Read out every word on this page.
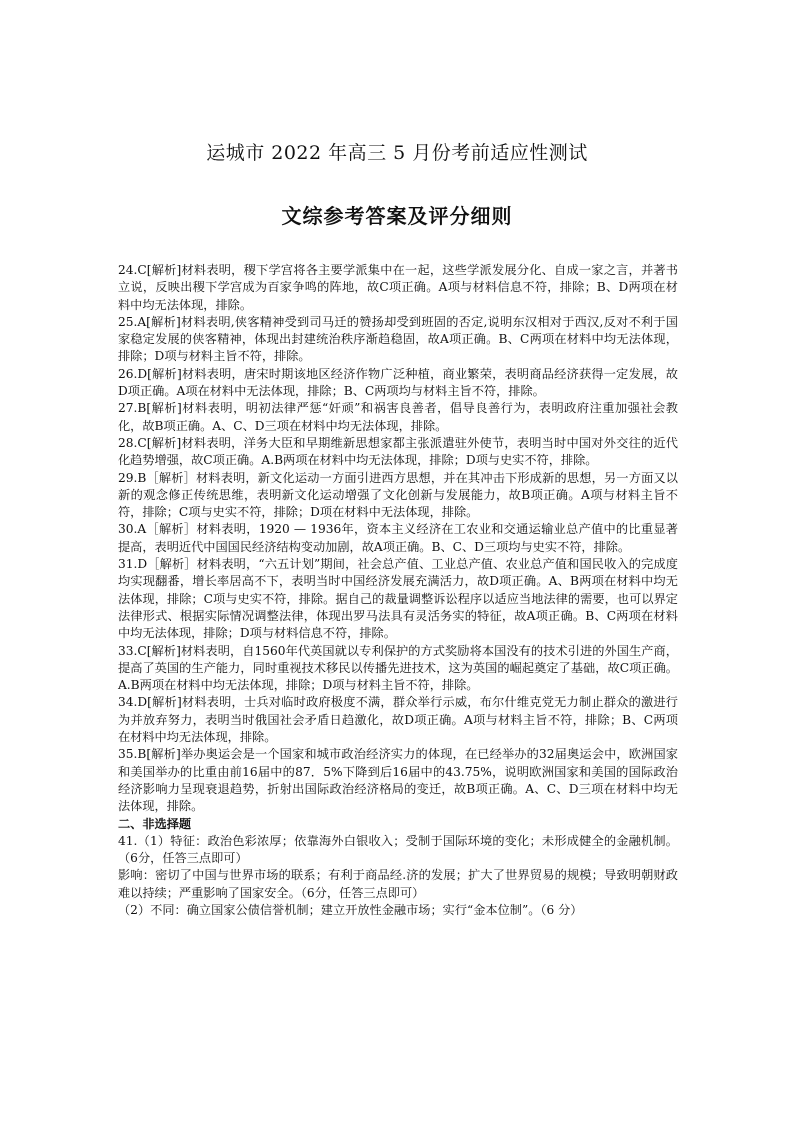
运城市 2022 年高三 5 月份考前适应性测试
文综参考答案及评分细则

24.C[解析]材料表明，稷下学宫将各主要学派集中在一起，这些学派发展分化、自成一家之言，并著书立说，反映出稷下学宫成为百家争鸣的阵地，故C项正确。A项与材料信息不符，排除；B、D两项在材料中均无法体现，排除。

25.A[解析]材料表明,侠客精神受到司马迁的赞扬却受到班固的否定,说明东汉相对于西汉,反对不利于国家稳定发展的侠客精神，体现出封建统治秩序渐趋稳固，故A项正确。B、C两项在材料中均无法体现，排除；D项与材料主旨不符，排除。

26.D[解析]材料表明，唐宋时期该地区经济作物广泛种植，商业繁荣，表明商品经济获得一定发展，故D项正确。A项在材料中无法体现，排除；B、C两项均与材料主旨不符，排除。

27.B[解析]材料表明，明初法律严惩“奸顽”和祸害良善者，倡导良善行为，表明政府注重加强社会教化，故B项正确。A、C、D三项在材料中均无法体现，排除。

28.C[解析]材料表明，洋务大臣和早期维新思想家都主张派遣驻外使节，表明当时中国对外交往的近代化趋势增强，故C项正确。A.B两项在材料中均无法体现，排除；D项与史实不符，排除。

29.B［解析］材料表明，新文化运动一方面引进西方思想，并在其冲击下形成新的思想，另一方面又以新的观念修正传统思维，表明新文化运动增强了文化创新与发展能力，故B项正确。A项与材料主旨不符，排除；C项与史实不符，排除；D项在材料中无法体现，排除。

30.A［解析］材料表明，1920 — 1936年，资本主义经济在工农业和交通运输业总产值中的比重显著提高，表明近代中国国民经济结构变动加剧，故A项正确。B、C、D三项均与史实不符，排除。

31.D［解析］材料表明，“六五计划”期间，社会总产值、工业总产值、农业总产值和国民收入的完成度均实现翻番，增长率居高不下，表明当时中国经济发展充满活力，故D项正确。A、B两项在材料中均无法体现，排除；C项与史实不符，排除。据自己的裁量调整诉讼程序以适应当地法律的需要，也可以界定法律形式、根据实际情况调整法律，体现出罗马法具有灵活务实的特征，故A项正确。B、C两项在材料中均无法体现，排除；D项与材料信息不符，排除。

33.C[解析]材料表明，自1560年代英国就以专利保护的方式奖励将本国没有的技术引进的外国生产商，提高了英国的生产能力，同时重视技术移民以传播先进技术，这为英国的崛起奠定了基础，故C项正确。A.B两项在材料中均无法体现，排除；D项与材料主旨不符，排除。

34.D[解析]材料表明，士兵对临时政府极度不满，群众举行示威，布尔什维克党无力制止群众的激进行为并放弃努力，表明当时俄国社会矛盾日趋激化，故D项正确。A项与材料主旨不符，排除；B、C两项在材料中均无法体现，排除。

35.B[解析]举办奥运会是一个国家和城市政治经济实力的体现，在已经举办的32届奥运会中，欧洲国家和美国举办的比重由前16届中的87．5%下降到后16届中的43.75%，说明欧洲国家和美国的国际政治经济影响力呈现衰退趋势，折射出国际政治经济格局的变迁，故B项正确。A、C、D三项在材料中均无法体现，排除。

二、非选择题

41.（1）特征：政治色彩浓厚；依靠海外白银收入；受制于国际环境的变化；未形成健全的金融机制。（6分，任答三点即可）

影响：密切了中国与世界市场的联系；有利于商品经.济的发展；扩大了世界贸易的规模；导致明朝财政难以持续；严重影响了国家安全。（6分，任答三点即可）

（2）不同：确立国家公债信誉机制；建立开放性金融市场；实行“金本位制”。（6 分）
